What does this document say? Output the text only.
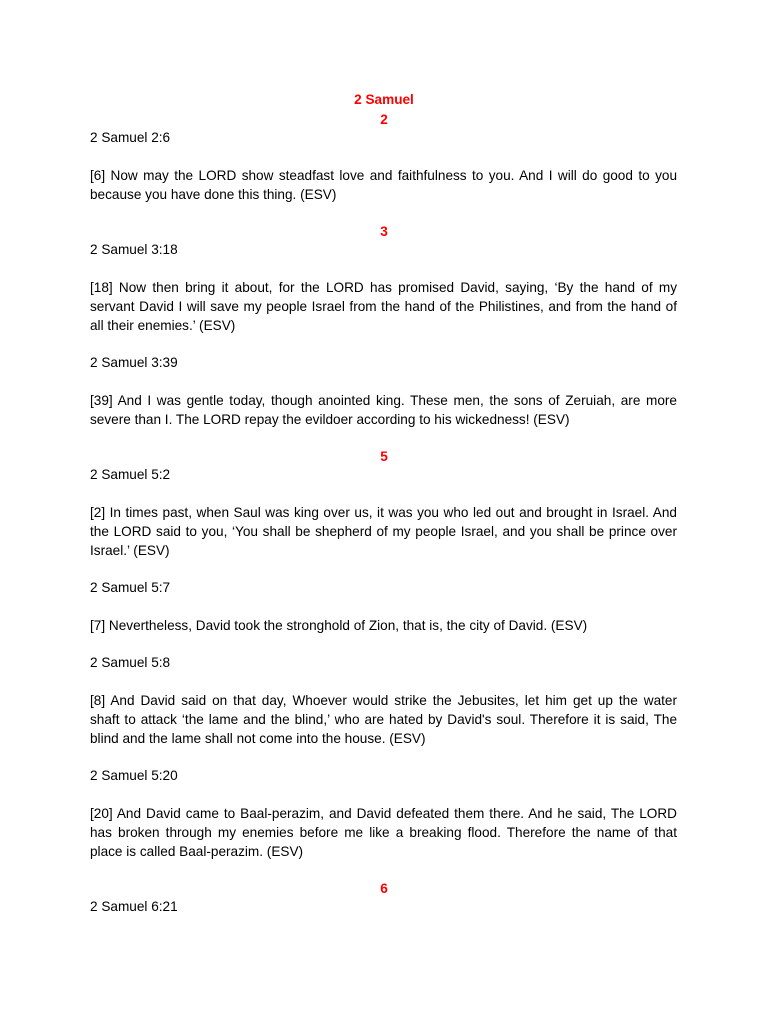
2 Samuel
2
2 Samuel 2:6
[6] Now may the LORD show steadfast love and faithfulness to you. And I will do good to you
because you have done this thing. (ESV)
3
2 Samuel 3:18
[18] Now then bring it about, for the LORD has promised David, saying, ‘By the hand of my
servant David I will save my people Israel from the hand of the Philistines, and from the hand of
all their enemies.’ (ESV)
2 Samuel 3:39
[39] And I was gentle today, though anointed king. These men, the sons of Zeruiah, are more
severe than I. The LORD repay the evildoer according to his wickedness! (ESV)
5
2 Samuel 5:2
[2] In times past, when Saul was king over us, it was you who led out and brought in Israel. And
the LORD said to you, ‘You shall be shepherd of my people Israel, and you shall be prince over
Israel.’ (ESV)
2 Samuel 5:7
[7] Nevertheless, David took the stronghold of Zion, that is, the city of David. (ESV)
2 Samuel 5:8
[8] And David said on that day, Whoever would strike the Jebusites, let him get up the water
shaft to attack ‘the lame and the blind,’ who are hated by David's soul. Therefore it is said, The
blind and the lame shall not come into the house. (ESV)
2 Samuel 5:20
[20] And David came to Baal-perazim, and David defeated them there. And he said, The LORD
has broken through my enemies before me like a breaking flood. Therefore the name of that
place is called Baal-perazim. (ESV)
6
2 Samuel 6:21
